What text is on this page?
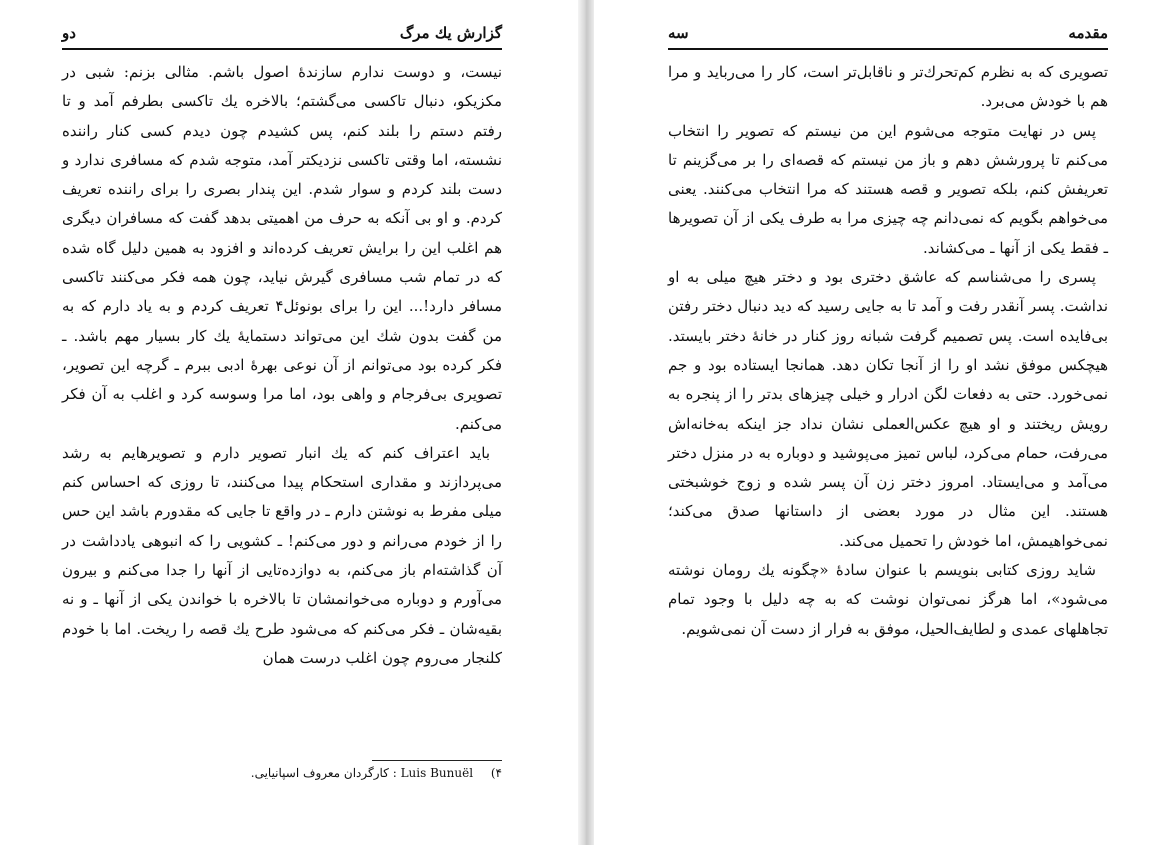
گزارش یك مرگ
دو

نیست، و دوست ندارم سازندهٔ اصول باشم. مثالی بزنم: شبی در مکزیکو، دنبال تاکسی می‌گشتم؛ بالاخره یك تاکسی بطرفم آمد و تا رفتم دستم را بلند کنم، پس کشیدم چون دیدم کسی کنار راننده نشسته، اما وقتی تاکسی نزدیکتر آمد، متوجه شدم که مسافری ندارد و دست بلند کردم و سوار شدم. این پندار بصری را برای راننده تعریف کردم. و او بی آنکه به حرف من اهمیتی بدهد گفت که مسافران دیگری هم اغلب این را برایش تعریف کرده‌اند و افزود به همین دلیل گاه شده که در تمام شب مسافری گیرش نیاید، چون همه فکر می‌کنند تاکسی مسافر دارد!... این را برای بونوئل۴ تعریف کردم و به یاد دارم که به من گفت بدون شك این می‌تواند دستمایهٔ یك کار بسیار مهم باشد. ـ فکر کرده بود می‌توانم از آن نوعی بهرهٔ ادبی ببرم ـ گرچه این تصویر، تصویری بی‌فرجام و واهی بود، اما مرا وسوسه کرد و اغلب به آن فکر می‌کنم.

باید اعتراف کنم که یك انبار تصویر دارم و تصویرهایم به رشد می‌پردازند و مقداری استحکام پیدا می‌کنند، تا روزی که احساس کنم میلی مفرط به نوشتن دارم ـ در واقع تا جایی که مقدورم باشد این حس را از خودم می‌رانم و دور می‌کنم! ـ کشویی را که انبوهی یادداشت در آن گذاشته‌ام باز می‌کنم، به دوازده‌تایی از آنها را جدا می‌کنم و بیرون می‌آورم و دوباره می‌خوانمشان تا بالاخره با خواندن یکی از آنها ـ و نه بقیه‌شان ـ فکر می‌کنم که می‌شود طرح یك قصه را ریخت. اما با خودم کلنجار می‌روم چون اغلب درست همان

۴) Luis Bunuël : کارگردان معروف اسپانیایی.
مقدمه
سه

تصویری که به نظرم کم‌تحرك‌تر و ناقابل‌تر است، کار را می‌رباید و مرا هم با خودش می‌برد.

پس در نهایت متوجه می‌شوم این من نیستم که تصویر را انتخاب می‌کنم تا پرورشش دهم و باز من نیستم که قصه‌ای را بر می‌گزینم تا تعریفش کنم، بلکه تصویر و قصه هستند که مرا انتخاب می‌کنند. یعنی می‌خواهم بگویم که نمی‌دانم چه چیزی مرا به طرف یکی از آن تصویرها ـ فقط یکی از آنها ـ می‌کشاند.

پسری را می‌شناسم که عاشق دختری بود و دختر هیچ میلی به او نداشت. پسر آنقدر رفت و آمد تا به جایی رسید که دید دنبال دختر رفتن بی‌فایده است. پس تصمیم گرفت شبانه روز کنار در خانهٔ دختر بایستد. هیچکس موفق نشد او را از آنجا تکان دهد. همانجا ایستاده بود و جم نمی‌خورد. حتی به دفعات لگن ادرار و خیلی چیزهای بدتر را از پنجره به رویش ریختند و او هیچ عکس‌العملی نشان نداد جز اینکه به‌خانه‌اش می‌رفت، حمام می‌کرد، لباس تمیز می‌پوشید و دوباره به در منزل دختر می‌آمد و می‌ایستاد. امروز دختر زن آن پسر شده و زوج خوشبختی هستند. این مثال در مورد بعضی از داستانها صدق می‌کند؛ نمی‌خواهیمش، اما خودش را تحمیل می‌کند.

شاید روزی کتابی بنویسم با عنوان سادهٔ «چگونه یك رومان نوشته می‌شود»، اما هرگز نمی‌توان نوشت که به چه دلیل با وجود تمام تجاهلهای عمدی و لطایف‌الحیل، موفق به فرار از دست آن نمی‌شویم.
